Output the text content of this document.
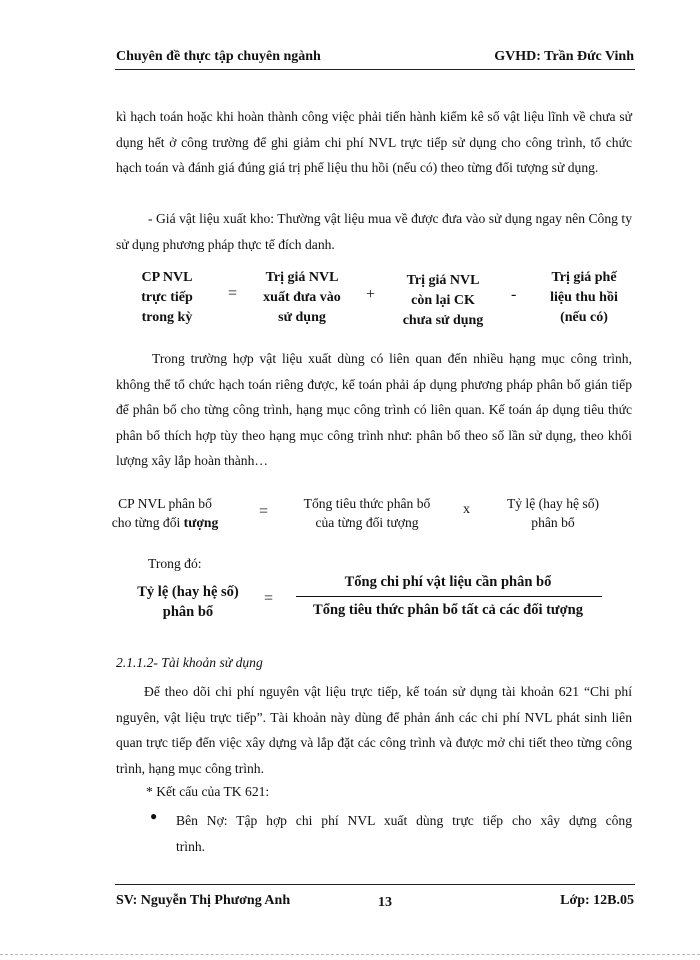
Chuyên đề thực tập chuyên ngành	GVHD: Trần Đức Vinh

kì hạch toán hoặc khi hoàn thành công việc phải tiến hành kiểm kê số vật liệu lĩnh về chưa sử dụng hết ở công trường để ghi giảm chi phí NVL trực tiếp sử dụng cho công trình, tổ chức hạch toán và đánh giá đúng giá trị phế liệu thu hồi (nếu có) theo từng đối tượng sử dụng.

- Giá vật liệu xuất kho: Thường vật liệu mua về được đưa vào sử dụng ngay nên Công ty sử dụng phương pháp thực tế đích danh.

CP NVL
trực tiếp
trong kỳ
=
Trị giá NVL
xuất đưa vào
sử dụng
+
Trị giá NVL
còn lại CK
chưa sử dụng
-
Trị giá phế
liệu thu hồi
(nếu có)

Trong trường hợp vật liệu xuất dùng có liên quan đến nhiều hạng mục công trình, không thể tổ chức hạch toán riêng được, kế toán phải áp dụng phương pháp phân bổ gián tiếp để phân bổ cho từng công trình, hạng mục công trình có liên quan. Kế toán áp dụng tiêu thức phân bổ thích hợp tùy theo hạng mục công trình như: phân bổ theo số lần sử dụng, theo khối lượng xây lắp hoàn thành…

CP NVL phân bổ
cho từng đối tượng
=	Tổng tiêu thức phân bổ
của từng đối tượng
x	Tỷ lệ (hay hệ số)
phân bổ
Trong đó:
Tỷ lệ (hay hệ số)
phân bổ
=
Tổng chi phí vật liệu cần phân bổ
Tổng tiêu thức phân bổ tất cả các đối tượng
2.1.1.2- Tài khoản sử dụng

Để theo dõi chi phí nguyên vật liệu trực tiếp, kế toán sử dụng tài khoản 621 “Chi phí nguyên, vật liệu trực tiếp”. Tài khoản này dùng để phản ánh các chi phí NVL phát sinh liên quan trực tiếp đến việc xây dựng và lắp đặt các công trình và được mở chi tiết theo từng công trình, hạng mục công trình.

* Kết cấu của TK 621:
● Bên Nợ: Tập hợp chi phí NVL xuất dùng trực tiếp cho xây dựng công
trình.
SV: Nguyễn Thị Phương Anh	13	Lớp: 12B.05
